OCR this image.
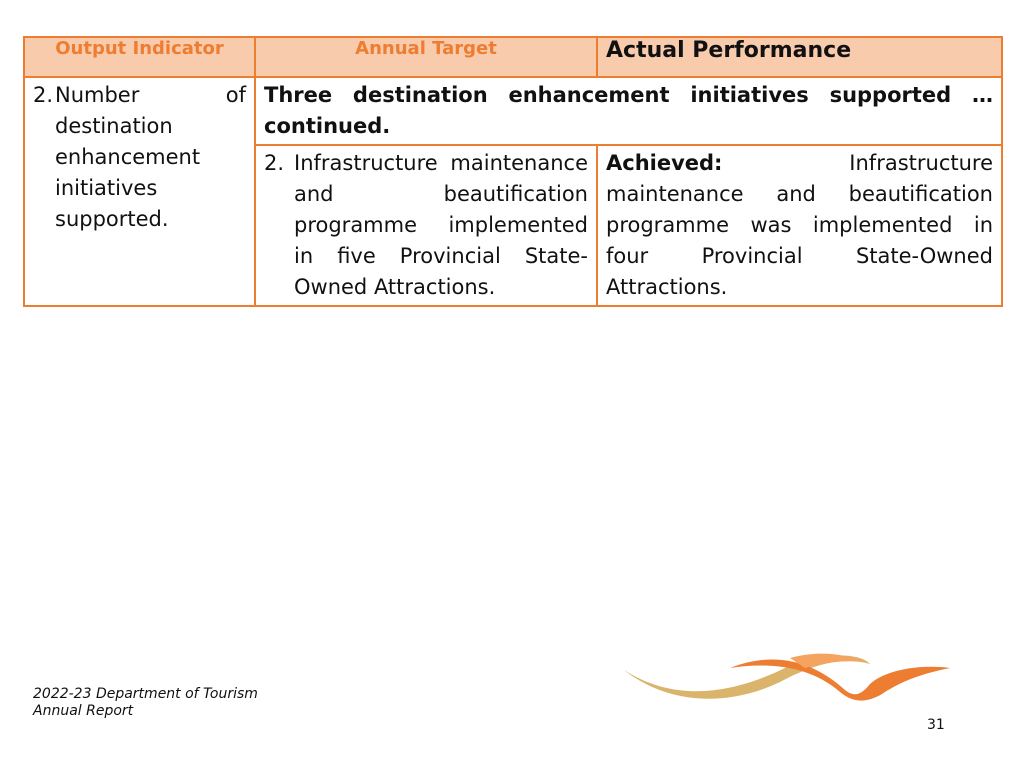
Output Indicator	Annual Target	Actual Performance

2. Number of destination enhancement initiatives supported.	Three destination enhancement initiatives supported … continued.	

	2. Infrastructure maintenance and beautification programme implemented in five Provincial State-Owned Attractions.	Achieved: Infrastructure maintenance and beautification programme was implemented in four Provincial State-Owned Attractions.
2022-23 Department of Tourism Annual Report
31
